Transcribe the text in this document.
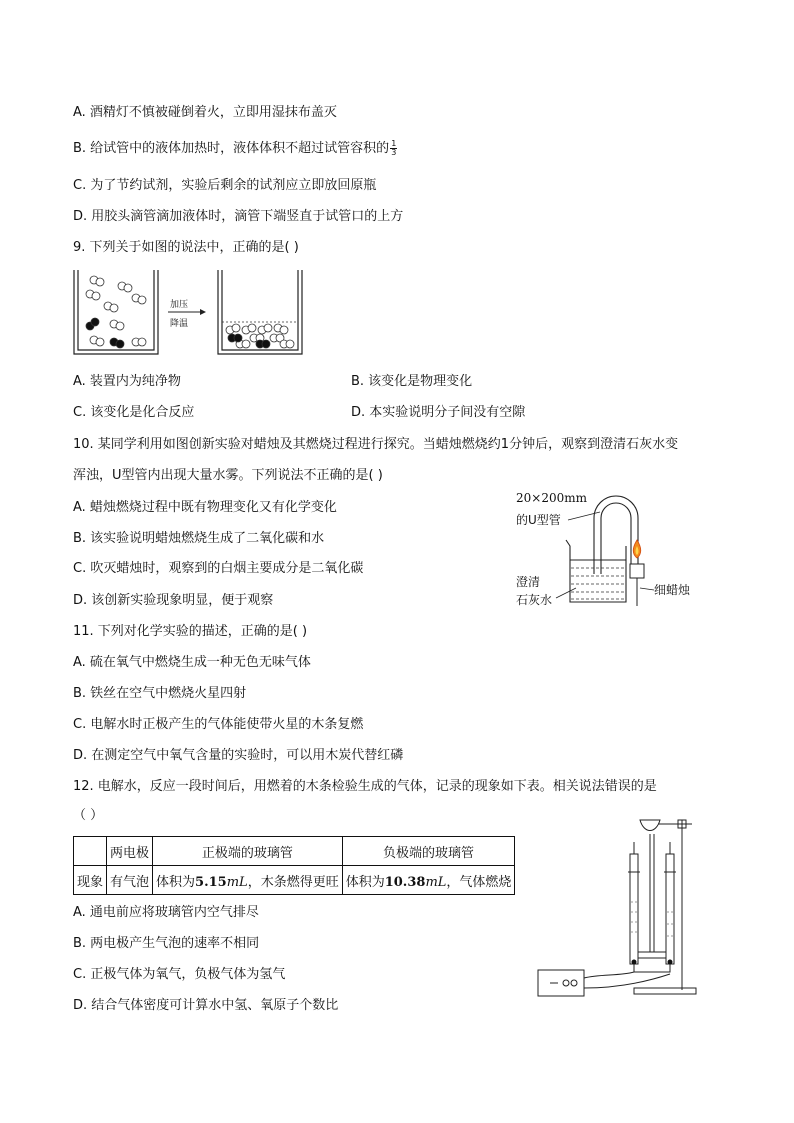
A. 酒精灯不慎被碰倒着火，立即用湿抹布盖灭
B. 给试管中的液体加热时，液体体积不超过试管容积的 $\frac{1}{3}$
C. 为了节约试剂，实验后剩余的试剂应立即放回原瓶
D. 用胶头滴管滴加液体时，滴管下端竖直于试管口的上方
9. 下列关于如图的说法中，正确的是( )
加压
降温
A. 装置内为纯净物	B. 该变化是物理变化
C. 该变化是化合反应	D. 本实验说明分子间没有空隙
10. 某同学利用如图创新实验对蜡烛及其燃烧过程进行探究。当蜡烛燃烧约1分钟后，观察到澄清石灰水变
浑浊，U型管内出现大量水雾。下列说法不正确的是( )
A. 蜡烛燃烧过程中既有物理变化又有化学变化
B. 该实验说明蜡烛燃烧生成了二氧化碳和水
C. 吹灭蜡烛时，观察到的白烟主要成分是二氧化碳
D. 该创新实验现象明显，便于观察
20×200mm
的U型管
澄清
石灰水
细蜡烛
11. 下列对化学实验的描述，正确的是( )
A. 硫在氧气中燃烧生成一种无色无味气体
B. 铁丝在空气中燃烧火星四射
C. 电解水时正极产生的气体能使带火星的木条复燃
D. 在测定空气中氧气含量的实验时，可以用木炭代替红磷
12. 电解水，反应一段时间后，用燃着的木条检验生成的气体，记录的现象如下表。相关说法错误的是
（ ）
	两电极	正极端的玻璃管	负极端的玻璃管
现象	有气泡	体积为5.15mL，木条燃得更旺	体积为10.38mL，气体燃烧
A. 通电前应将玻璃管内空气排尽
B. 两电极产生气泡的速率不相同
C. 正极气体为氧气，负极气体为氢气
D. 结合气体密度可计算水中氢、氧原子个数比
